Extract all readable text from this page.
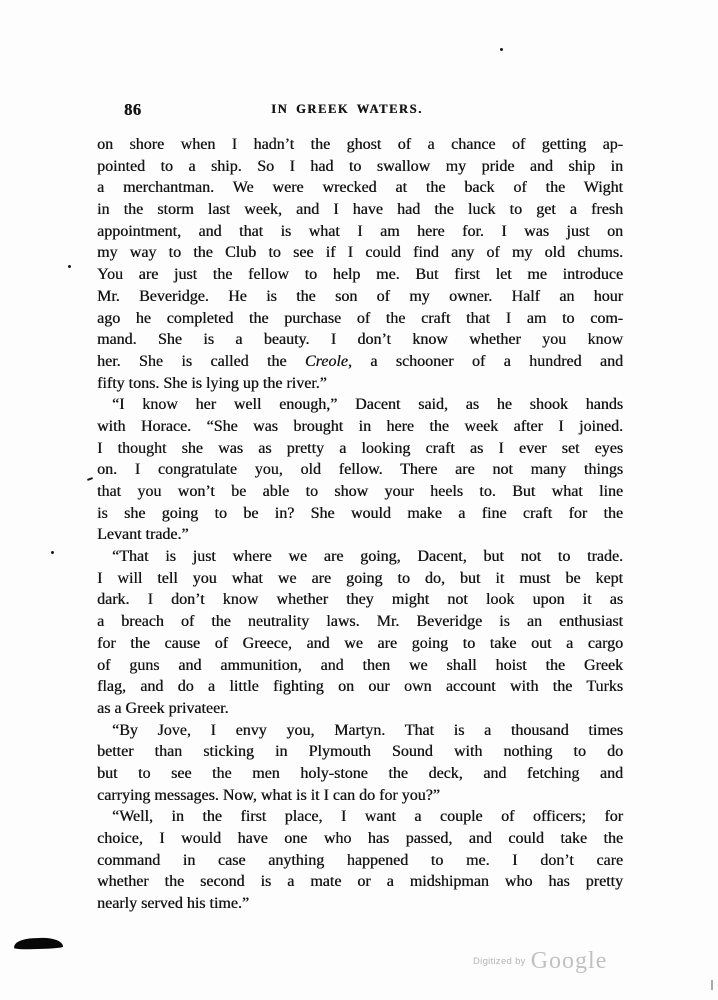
86	IN GREEK WATERS.
on shore when I hadn’t the ghost of a chance of getting ap-
pointed to a ship. So I had to swallow my pride and ship in
a merchantman. We were wrecked at the back of the Wight
in the storm last week, and I have had the luck to get a fresh
appointment, and that is what I am here for. I was just on
my way to the Club to see if I could find any of my old chums.
You are just the fellow to help me. But first let me introduce
Mr. Beveridge. He is the son of my owner. Half an hour
ago he completed the purchase of the craft that I am to com-
mand. She is a beauty. I don’t know whether you know
her. She is called the Creole, a schooner of a hundred and
fifty tons. She is lying up the river.”
“I know her well enough,” Dacent said, as he shook hands
with Horace. “She was brought in here the week after I joined.
I thought she was as pretty a looking craft as I ever set eyes
on. I congratulate you, old fellow. There are not many things
that you won’t be able to show your heels to. But what line
is she going to be in? She would make a fine craft for the
Levant trade.”
“That is just where we are going, Dacent, but not to trade.
I will tell you what we are going to do, but it must be kept
dark. I don’t know whether they might not look upon it as
a breach of the neutrality laws. Mr. Beveridge is an enthusiast
for the cause of Greece, and we are going to take out a cargo
of guns and ammunition, and then we shall hoist the Greek
flag, and do a little fighting on our own account with the Turks
as a Greek privateer.
“By Jove, I envy you, Martyn. That is a thousand times
better than sticking in Plymouth Sound with nothing to do
but to see the men holy-stone the deck, and fetching and
carrying messages. Now, what is it I can do for you?”
“Well, in the first place, I want a couple of officers; for
choice, I would have one who has passed, and could take the
command in case anything happened to me. I don’t care
whether the second is a mate or a midshipman who has pretty
nearly served his time.”
Digitized by Google
